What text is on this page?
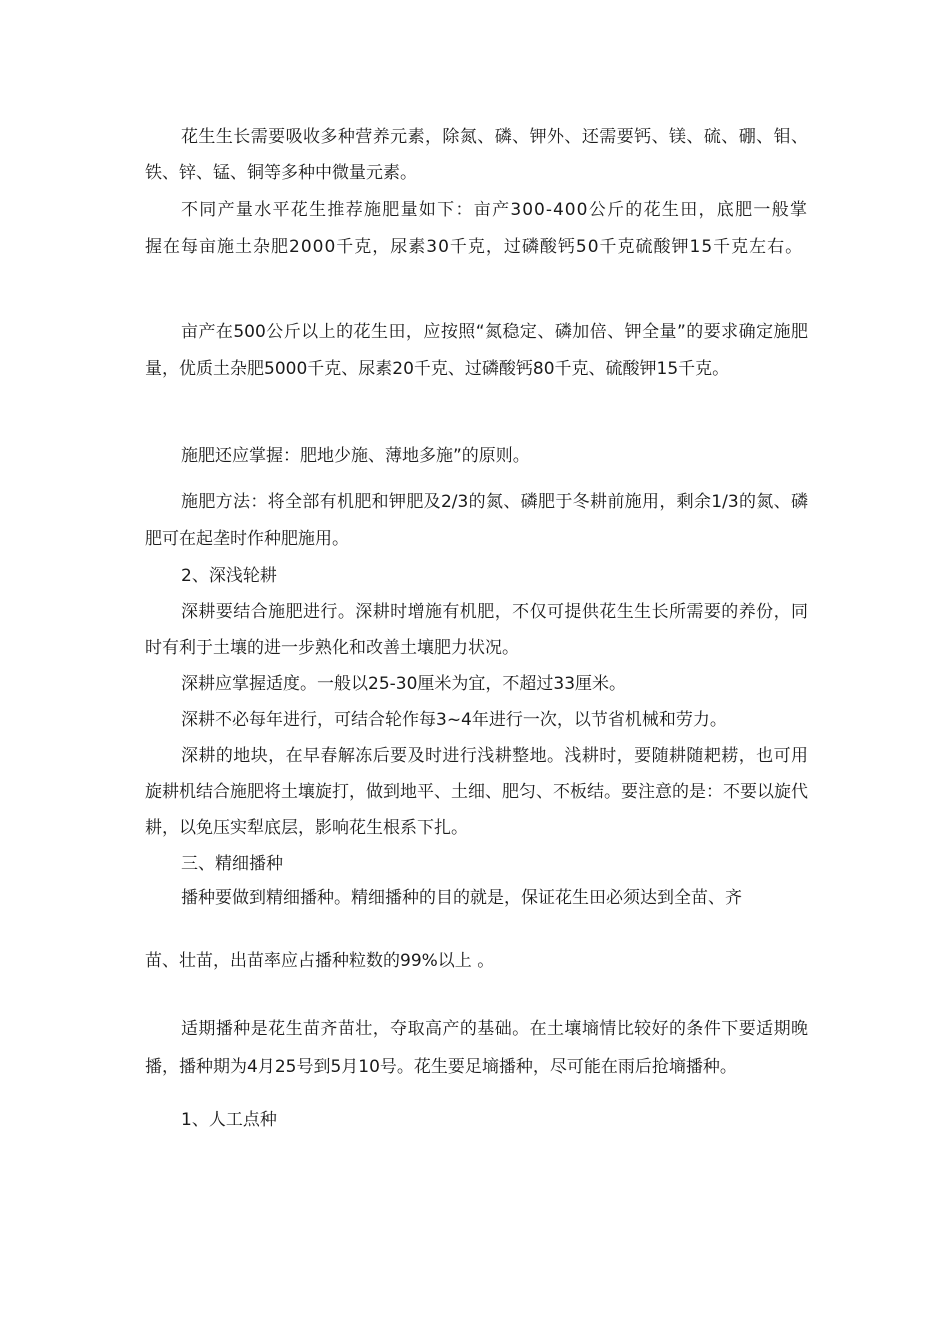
花生生长需要吸收多种营养元素，除氮、磷、钾外、还需要钙、镁、硫、硼、钼、铁、锌、锰、铜等多种中微量元素。

不同产量水平花生推荐施肥量如下：亩产300-400公斤的花生田，底肥一般掌握在每亩施土杂肥2000千克，尿素30千克，过磷酸钙50千克硫酸钾15千克左右。

亩产在500公斤以上的花生田，应按照“氮稳定、磷加倍、钾全量”的要求确定施肥量，优质土杂肥5000千克、尿素20千克、过磷酸钙80千克、硫酸钾15千克。

施肥还应掌握：肥地少施、薄地多施”的原则。

施肥方法：将全部有机肥和钾肥及2/3的氮、磷肥于冬耕前施用，剩余1/3的氮、磷肥可在起垄时作种肥施用。

2、深浅轮耕

深耕要结合施肥进行。深耕时增施有机肥，不仅可提供花生生长所需要的养份，同时有利于土壤的进一步熟化和改善土壤肥力状况。

深耕应掌握适度。一般以25-30厘米为宜，不超过33厘米。

深耕不必每年进行，可结合轮作每3~4年进行一次，以节省机械和劳力。

深耕的地块，在早春解冻后要及时进行浅耕整地。浅耕时，要随耕随耙耢，也可用旋耕机结合施肥将土壤旋打，做到地平、土细、肥匀、不板结。要注意的是：不要以旋代耕，以免压实犁底层，影响花生根系下扎。

三、精细播种

播种要做到精细播种。精细播种的目的就是，保证花生田必须达到全苗、齐

苗、壮苗，出苗率应占播种粒数的99%以上 。

适期播种是花生苗齐苗壮，夺取高产的基础。在土壤墒情比较好的条件下要适期晚播，播种期为4月25号到5月10号。花生要足墒播种，尽可能在雨后抢墒播种。

1、人工点种
